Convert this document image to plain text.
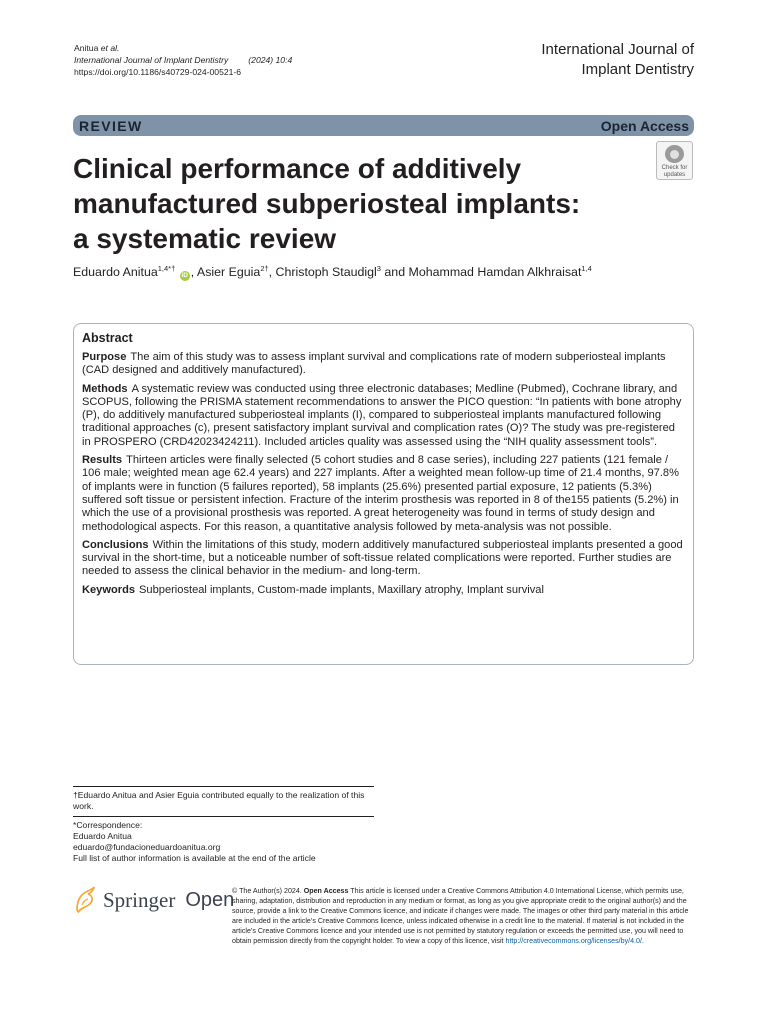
Anitua et al.
International Journal of Implant Dentistry (2024) 10:4
https://doi.org/10.1186/s40729-024-00521-6
International Journal of
Implant Dentistry
REVIEW	Open Access
Clinical performance of additively
manufactured subperiosteal implants:
a systematic review
Check for
updates
Eduardo Anitua$^{1,4*\dagger}$ iD , Asier Eguia$^{2\dagger}$, Christoph Staudigl$^3$ and Mohammad Hamdan Alkhraisat$^{1,4}$
Abstract

Purpose The aim of this study was to assess implant survival and complications rate of modern subperiosteal implants (CAD designed and additively manufactured).

Methods A systematic review was conducted using three electronic databases; Medline (Pubmed), Cochrane library, and SCOPUS, following the PRISMA statement recommendations to answer the PICO question: “In patients with bone atrophy (P), do additively manufactured subperiosteal implants (I), compared to subperiosteal implants manufactured following traditional approaches (c), present satisfactory implant survival and complication rates (O)? The study was pre-registered in PROSPERO (CRD42023424211). Included articles quality was assessed using the “NIH quality assessment tools”.

Results Thirteen articles were finally selected (5 cohort studies and 8 case series), including 227 patients (121 female / 106 male; weighted mean age 62.4 years) and 227 implants. After a weighted mean follow-up time of 21.4 months, 97.8% of implants were in function (5 failures reported), 58 implants (25.6%) presented partial exposure, 12 patients (5.3%) suffered soft tissue or persistent infection. Fracture of the interim prosthesis was reported in 8 of the155 patients (5.2%) in which the use of a provisional prosthesis was reported. A great heterogeneity was found in terms of study design and methodological aspects. For this reason, a quantitative analysis followed by meta-analysis was not possible.

Conclusions Within the limitations of this study, modern additively manufactured subperiosteal implants presented a good survival in the short-time, but a noticeable number of soft-tissue related complications were reported. Further studies are needed to assess the clinical behavior in the medium- and long-term.

Keywords Subperiosteal implants, Custom-made implants, Maxillary atrophy, Implant survival

†Eduardo Anitua and Asier Eguia contributed equally to the realization of this work.
*Correspondence:
Eduardo Anitua
eduardo@fundacioneduardoanitua.org
Full list of author information is available at the end of the article
Springer Open
© The Author(s) 2024. Open Access This article is licensed under a Creative Commons Attribution 4.0 International License, which permits use, sharing, adaptation, distribution and reproduction in any medium or format, as long as you give appropriate credit to the original author(s) and the source, provide a link to the Creative Commons licence, and indicate if changes were made. The images or other third party material in this article are included in the article’s Creative Commons licence, unless indicated otherwise in a credit line to the material. If material is not included in the article’s Creative Commons licence and your intended use is not permitted by statutory regulation or exceeds the permitted use, you will need to obtain permission directly from the copyright holder. To view a copy of this licence, visit http://creativecommons.org/licenses/by/4.0/.
